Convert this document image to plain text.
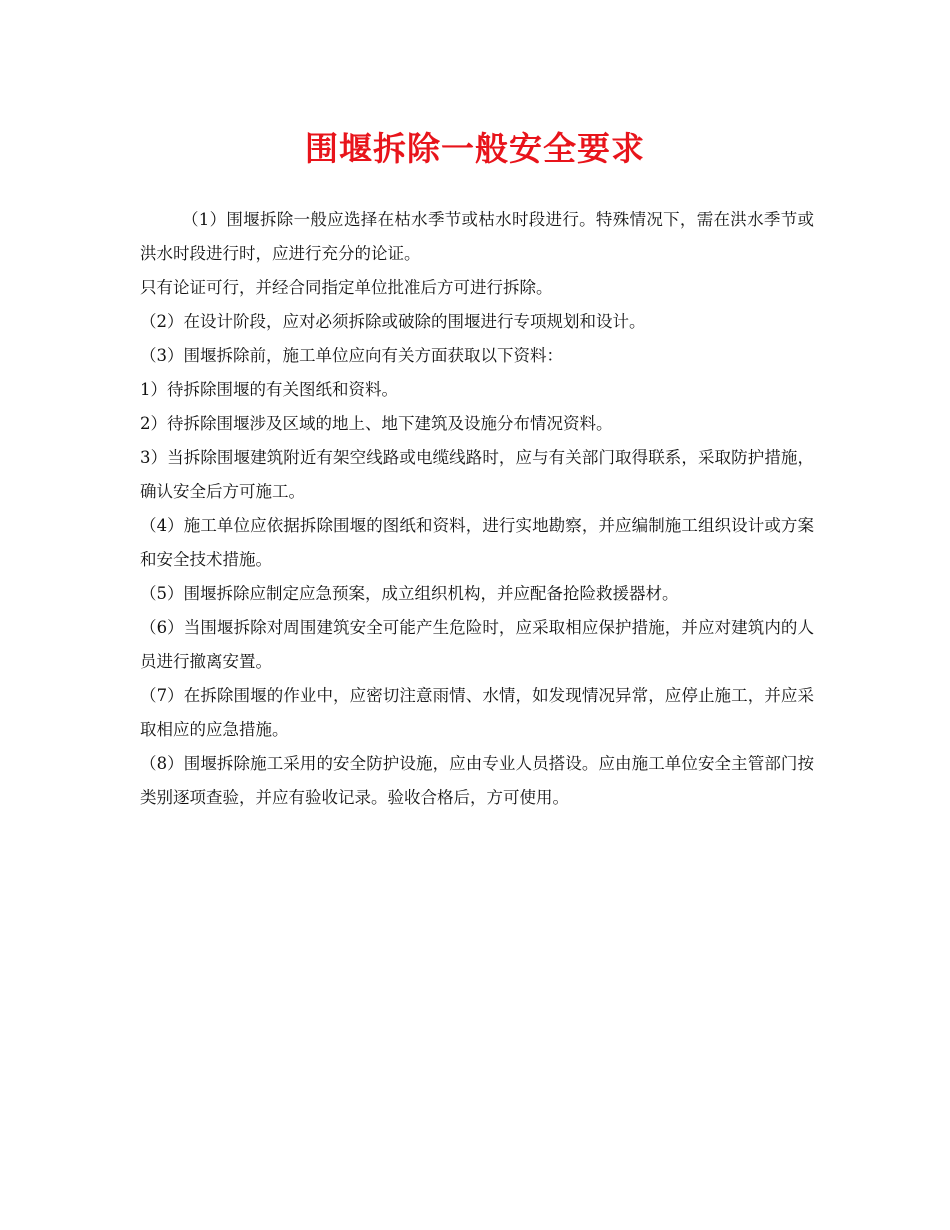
围堰拆除一般安全要求

（1）围堰拆除一般应选择在枯水季节或枯水时段进行。特殊情况下，需在洪水季节或洪水时段进行时，应进行充分的论证。

只有论证可行，并经合同指定单位批准后方可进行拆除。

（2）在设计阶段，应对必须拆除或破除的围堰进行专项规划和设计。

（3）围堰拆除前，施工单位应向有关方面获取以下资料：

1）待拆除围堰的有关图纸和资料。

2）待拆除围堰涉及区域的地上、地下建筑及设施分布情况资料。

3）当拆除围堰建筑附近有架空线路或电缆线路时，应与有关部门取得联系，采取防护措施，确认安全后方可施工。

（4）施工单位应依据拆除围堰的图纸和资料，进行实地勘察，并应编制施工组织设计或方案和安全技术措施。

（5）围堰拆除应制定应急预案，成立组织机构，并应配备抢险救援器材。

（6）当围堰拆除对周围建筑安全可能产生危险时，应采取相应保护措施，并应对建筑内的人员进行撤离安置。

（7）在拆除围堰的作业中，应密切注意雨情、水情，如发现情况异常，应停止施工，并应采取相应的应急措施。

（8）围堰拆除施工采用的安全防护设施，应由专业人员搭设。应由施工单位安全主管部门按类别逐项查验，并应有验收记录。验收合格后，方可使用。
